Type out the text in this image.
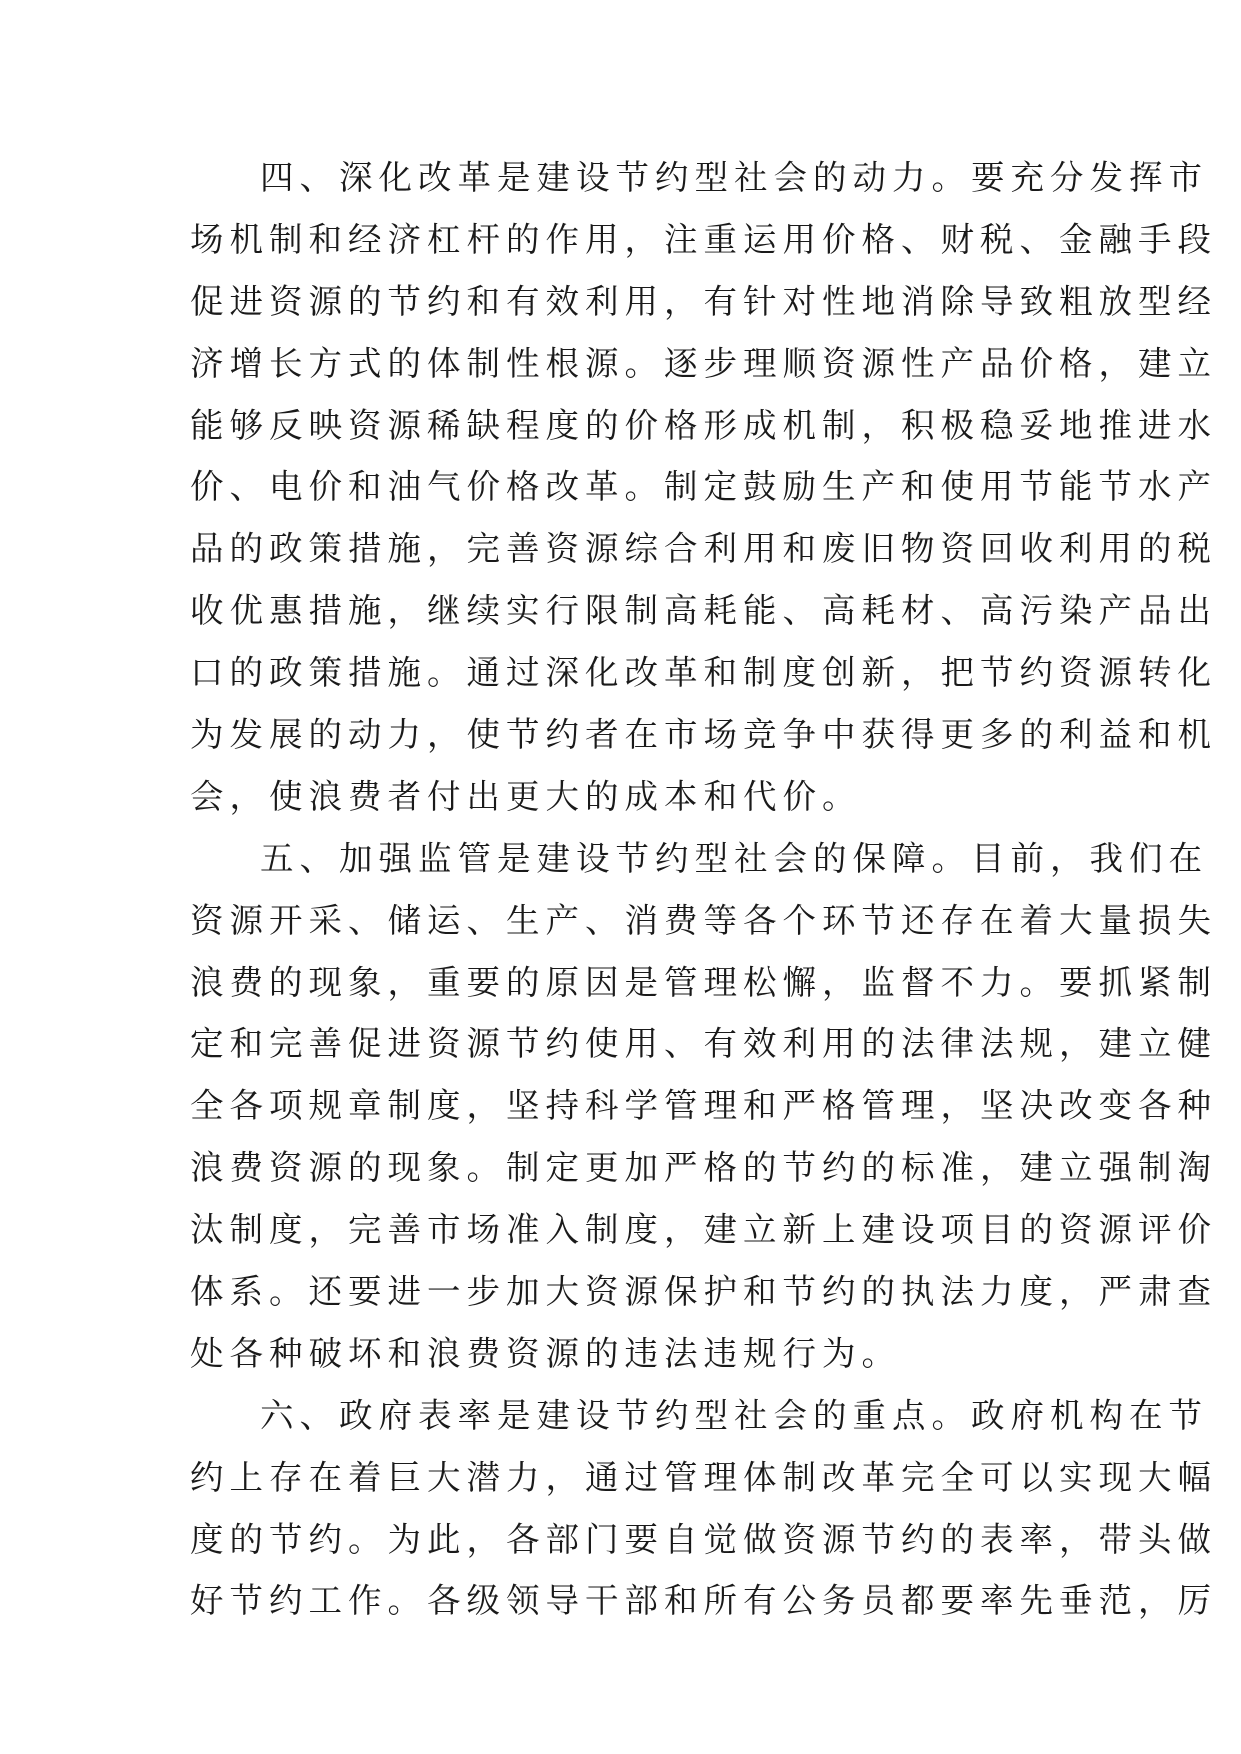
四、深化改革是建设节约型社会的动力。要充分发挥市
场机制和经济杠杆的作用，注重运用价格、财税、金融手段
促进资源的节约和有效利用，有针对性地消除导致粗放型经
济增长方式的体制性根源。逐步理顺资源性产品价格，建立
能够反映资源稀缺程度的价格形成机制，积极稳妥地推进水
价、电价和油气价格改革。制定鼓励生产和使用节能节水产
品的政策措施，完善资源综合利用和废旧物资回收利用的税
收优惠措施，继续实行限制高耗能、高耗材、高污染产品出
口的政策措施。通过深化改革和制度创新，把节约资源转化
为发展的动力，使节约者在市场竞争中获得更多的利益和机
会，使浪费者付出更大的成本和代价。
五、加强监管是建设节约型社会的保障。目前，我们在
资源开采、储运、生产、消费等各个环节还存在着大量损失
浪费的现象，重要的原因是管理松懈，监督不力。要抓紧制
定和完善促进资源节约使用、有效利用的法律法规，建立健
全各项规章制度，坚持科学管理和严格管理，坚决改变各种
浪费资源的现象。制定更加严格的节约的标准，建立强制淘
汰制度，完善市场准入制度，建立新上建设项目的资源评价
体系。还要进一步加大资源保护和节约的执法力度，严肃查
处各种破坏和浪费资源的违法违规行为。
六、政府表率是建设节约型社会的重点。政府机构在节
约上存在着巨大潜力，通过管理体制改革完全可以实现大幅
度的节约。为此，各部门要自觉做资源节约的表率，带头做
好节约工作。各级领导干部和所有公务员都要率先垂范，厉
